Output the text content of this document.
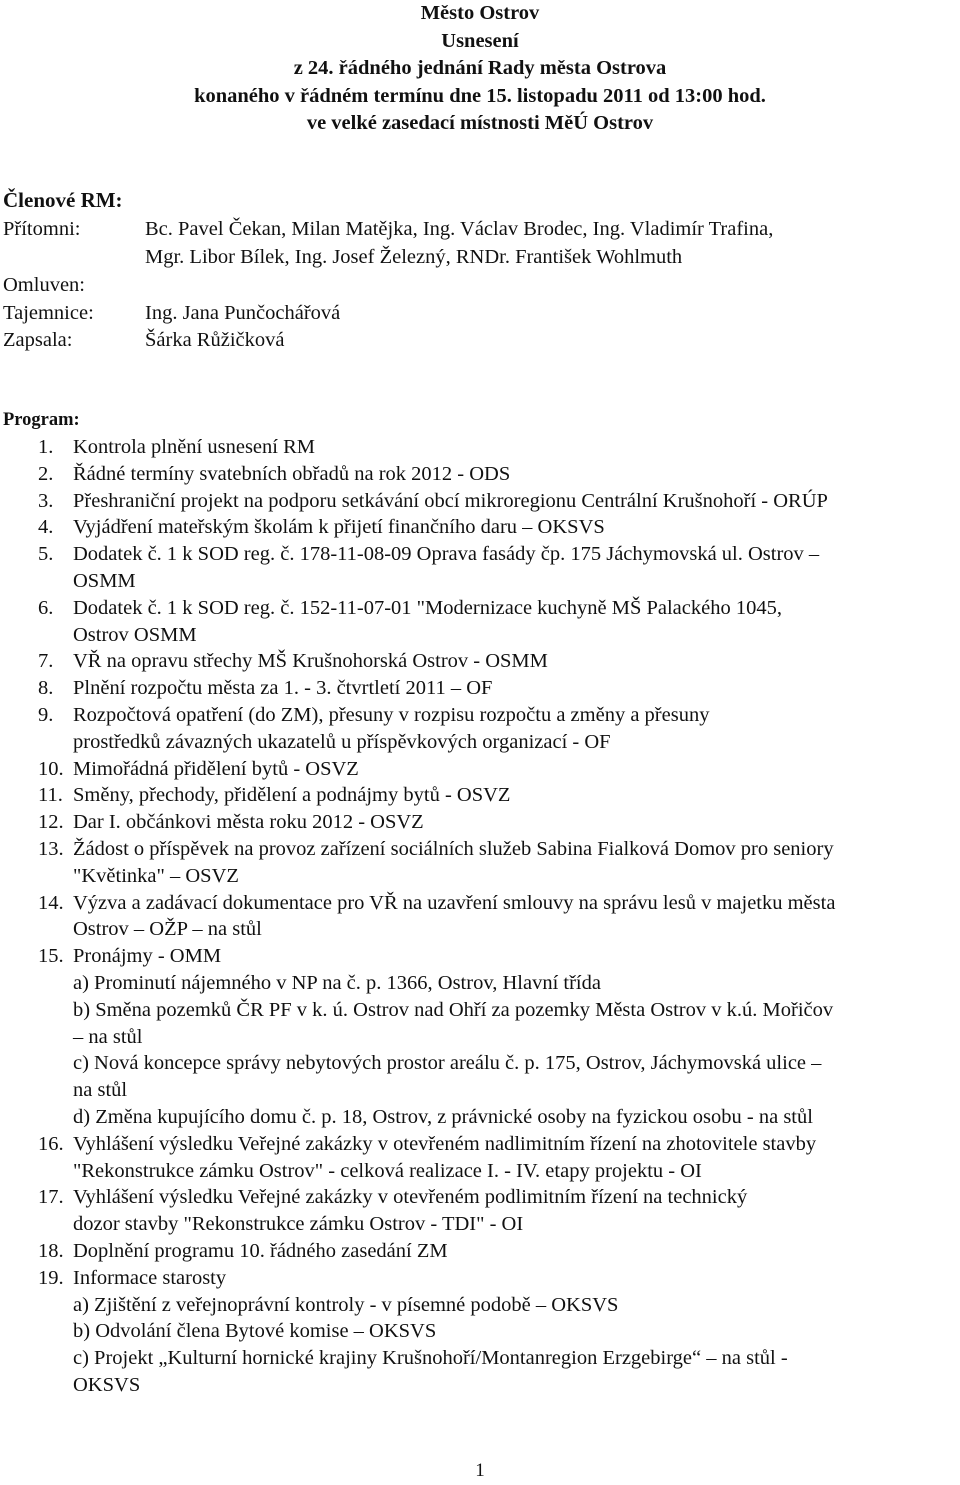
Město Ostrov
Usnesení
z 24. řádného jednání Rady města Ostrova
konaného v řádném termínu dne 15. listopadu 2011 od 13:00 hod.
ve velké zasedací místnosti MěÚ Ostrov
Členové RM:
Přítomni:	Bc. Pavel Čekan, Milan Matějka, Ing. Václav Brodec, Ing. Vladimír Trafina,
Mgr. Libor Bílek, Ing. Josef Železný, RNDr. František Wohlmuth
Omluven:
Tajemnice: Ing. Jana Punčochářová
Zapsala:	Šárka Růžičková
Program:
1. Kontrola plnění usnesení RM
2. Řádné termíny svatebních obřadů na rok 2012 - ODS
3. Přeshraniční projekt na podporu setkávání obcí mikroregionu Centrální Krušnohoří - ORÚP
4. Vyjádření mateřským školám k přijetí finančního daru – OKSVS
5. Dodatek č. 1 k SOD reg. č. 178-11-08-09 Oprava fasády čp. 175 Jáchymovská ul. Ostrov –
OSMM
6. Dodatek č. 1 k SOD reg. č. 152-11-07-01 "Modernizace kuchyně MŠ Palackého 1045,
Ostrov OSMM
7. VŘ na opravu střechy MŠ Krušnohorská Ostrov - OSMM
8. Plnění rozpočtu města za 1. - 3. čtvrtletí 2011 – OF
9. Rozpočtová opatření (do ZM), přesuny v rozpisu rozpočtu a změny a přesuny
prostředků závazných ukazatelů u příspěvkových organizací - OF
10. Mimořádná přidělení bytů - OSVZ
11. Směny, přechody, přidělení a podnájmy bytů - OSVZ
12. Dar I. občánkovi města roku 2012 - OSVZ
13. Žádost o příspěvek na provoz zařízení sociálních služeb Sabina Fialková Domov pro seniory
"Květinka" – OSVZ
14. Výzva a zadávací dokumentace pro VŘ na uzavření smlouvy na správu lesů v majetku města
Ostrov – OŽP – na stůl
15. Pronájmy - OMM
a) Prominutí nájemného v NP na č. p. 1366, Ostrov, Hlavní třída
b) Směna pozemků ČR PF v k. ú. Ostrov nad Ohří za pozemky Města Ostrov v k.ú. Mořičov
– na stůl
c) Nová koncepce správy nebytových prostor areálu č. p. 175, Ostrov, Jáchymovská ulice –
na stůl
d) Změna kupujícího domu č. p. 18, Ostrov, z právnické osoby na fyzickou osobu - na stůl
16. Vyhlášení výsledku Veřejné zakázky v otevřeném nadlimitním řízení na zhotovitele stavby
"Rekonstrukce zámku Ostrov" - celková realizace I. - IV. etapy projektu - OI
17. Vyhlášení výsledku Veřejné zakázky v otevřeném podlimitním řízení na technický
dozor stavby "Rekonstrukce zámku Ostrov - TDI" - OI
18. Doplnění programu 10. řádného zasedání ZM
19. Informace starosty
a) Zjištění z veřejnoprávní kontroly - v písemné podobě – OKSVS
b) Odvolání člena Bytové komise – OKSVS
c) Projekt „Kulturní hornické krajiny Krušnohoří/Montanregion Erzgebirge“ – na stůl -
OKSVS
1
